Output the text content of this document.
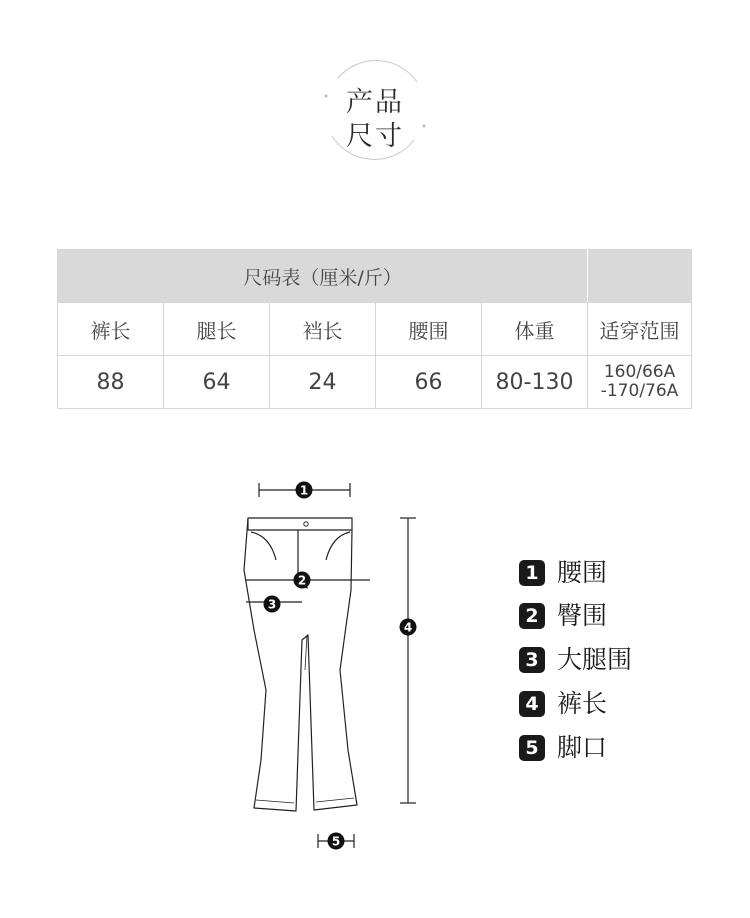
产品
尺寸
尺码表（厘米/斤）					
裤长	腿长	裆长	腰围	体重	适穿范围
88	64	24	66	80-130	160/66A
-170/76A
1
2
3
4
5
1 腰围
2 臀围
3 大腿围
4 裤长
5 脚口
